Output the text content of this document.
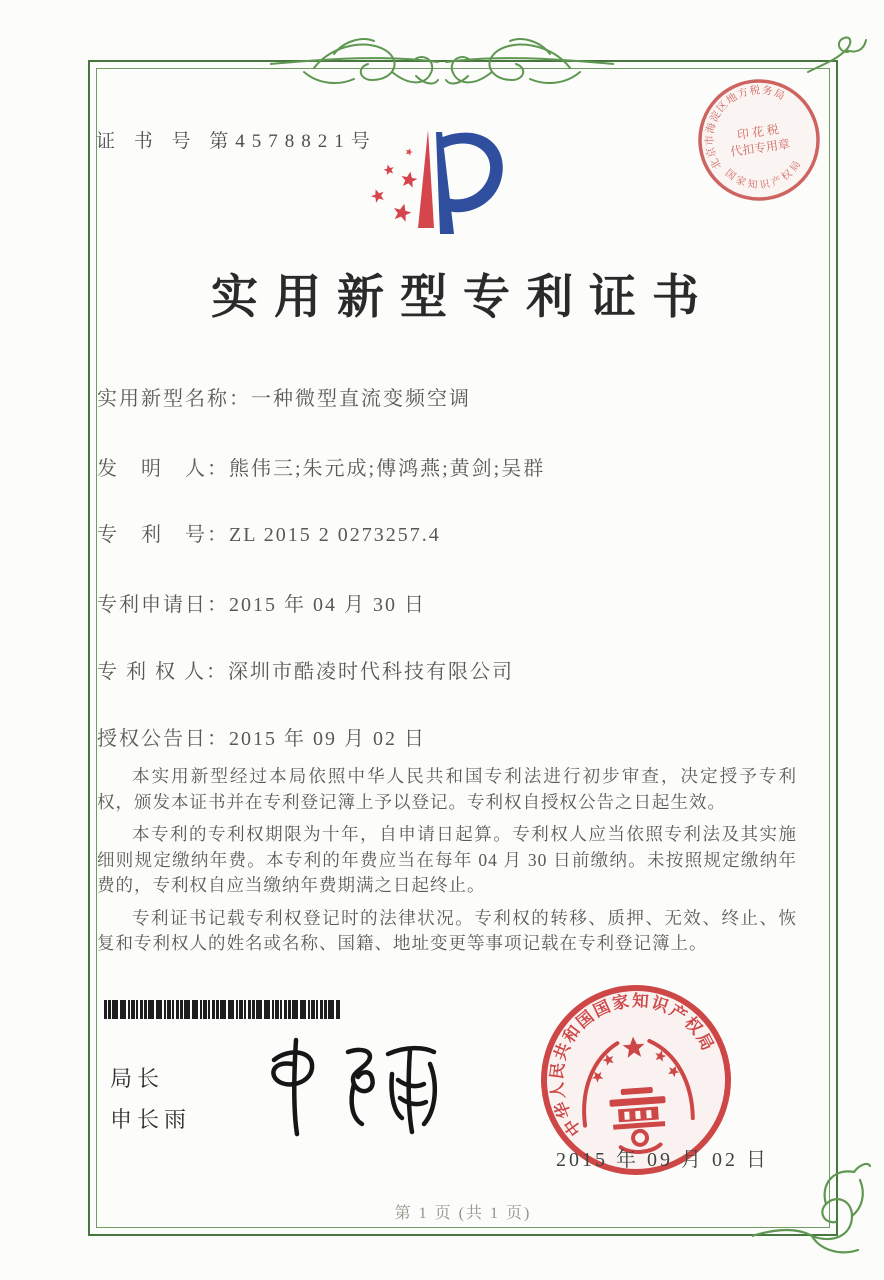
证 书 号 第4578821号
北京市海淀区地方税务局
国家知识产权局
印 花 税
代扣专用章
实用新型专利证书
实用新型名称：一种微型直流变频空调
发　明　人：熊伟三;朱元成;傅鸿燕;黄剑;吴群
专　利　号：ZL 2015 2 0273257.4
专利申请日：2015 年 04 月 30 日
专 利 权 人：深圳市酷凌时代科技有限公司
授权公告日：2015 年 09 月 02 日

本实用新型经过本局依照中华人民共和国专利法进行初步审查，决定授予专利权，颁发本证书并在专利登记簿上予以登记。专利权自授权公告之日起生效。

本专利的专利权期限为十年，自申请日起算。专利权人应当依照专利法及其实施细则规定缴纳年费。本专利的年费应当在每年 04 月 30 日前缴纳。未按照规定缴纳年费的，专利权自应当缴纳年费期满之日起终止。

专利证书记载专利权登记时的法律状况。专利权的转移、质押、无效、终止、恢复和专利权人的姓名或名称、国籍、地址变更等事项记载在专利登记簿上。

局长
申长雨	中华人民共和国国家知识产权局
2015 年 09 月 02 日
第 1 页 (共 1 页)
